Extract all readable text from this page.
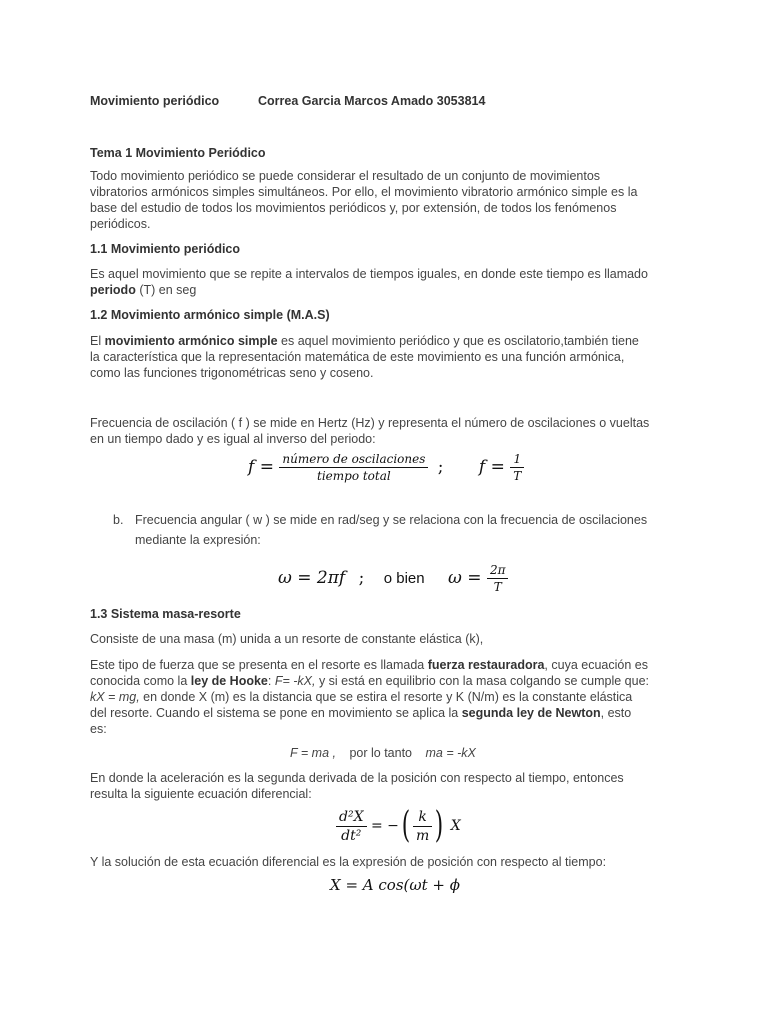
Movimiento periódico	Correa Garcia Marcos Amado 3053814
Tema 1 Movimiento Periódico
Todo movimiento periódico se puede considerar el resultado de un conjunto de movimientos vibratorios armónicos simples simultáneos. Por ello, el movimiento vibratorio armónico simple es la base del estudio de todos los movimientos periódicos y, por extensión, de todos los fenómenos periódicos.
1.1 Movimiento periódico
Es aquel movimiento que se repite a intervalos de tiempos iguales, en donde este tiempo es llamado periodo (T) en seg
1.2 Movimiento armónico simple (M.A.S)
El movimiento armónico simple es aquel movimiento periódico y que es oscilatorio,también tiene la característica que la representación matemática de este movimiento es una función armónica, como las funciones trigonométricas seno y coseno.
Frecuencia de oscilación ( f ) se mide en Hertz (Hz) y representa el número de oscilaciones o vueltas en un tiempo dado y es igual al inverso del periodo:
$f = \frac{\text{número de oscilaciones}}{\text{tiempo total}}$ ; $f = \frac{1}{T}$
b. Frecuencia angular ( w ) se mide en rad/seg y se relaciona con la frecuencia de oscilaciones
mediante la expresión:
ω = 2πf ; o bien $\omega = \frac{2\pi}{T}$
1.3 Sistema masa-resorte
Consiste de una masa (m) unida a un resorte de constante elástica (k),
Este tipo de fuerza que se presenta en el resorte es llamada fuerza restauradora, cuya ecuación es conocida como la ley de Hooke: F= -kX, y si está en equilibrio con la masa colgando se cumple que: kX = mg, en donde X (m) es la distancia que se estira el resorte y K (N/m) es la constante elástica del resorte. Cuando el sistema se pone en movimiento se aplica la segunda ley de Newton, esto es:
F = ma , por lo tanto ma = -kX
En donde la aceleración es la segunda derivada de la posición con respecto al tiempo, entonces resulta la siguiente ecuación diferencial:
$\frac{\text{d²X}}{\text{dt²}}$ = −( $\frac{k}{m}$ ) X
Y la solución de esta ecuación diferencial es la expresión de posición con respecto al tiempo:
X = A cos(ωt + ϕ
